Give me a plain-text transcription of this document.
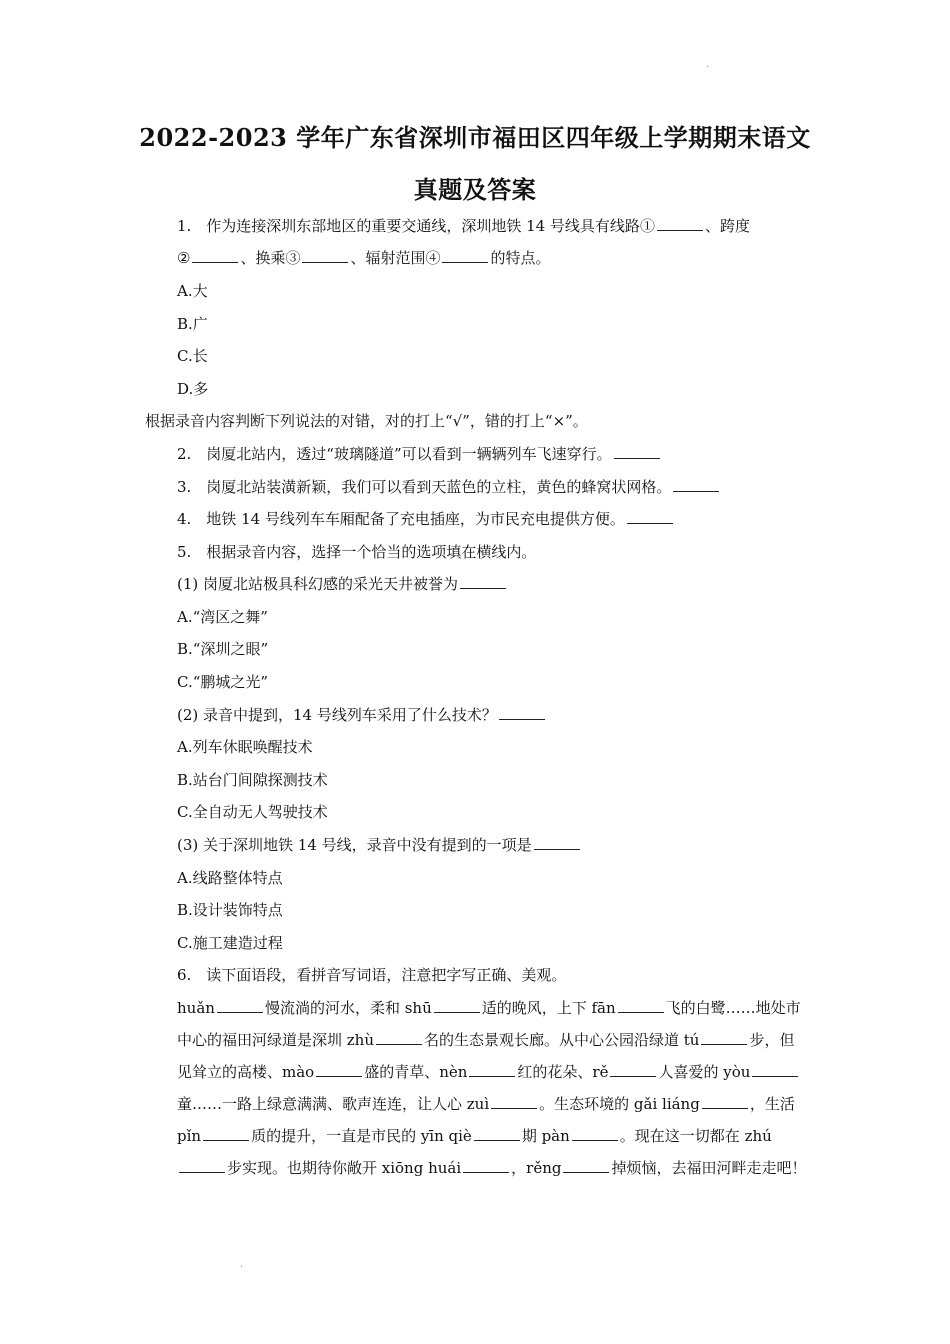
·
2022-2023 学年广东省深圳市福田区四年级上学期期末语文
真题及答案
1.　作为连接深圳东部地区的重要交通线，深圳地铁 14 号线具有线路①	、跨度
②	、换乘③	、辐射范围④	的特点。
A.大
B.广
C.长
D.多
根据录音内容判断下列说法的对错，对的打上“√”，错的打上“×”。
2.　岗厦北站内，透过“玻璃隧道”可以看到一辆辆列车飞速穿行。
3.　岗厦北站装潢新颖，我们可以看到天蓝色的立柱，黄色的蜂窝状网格。
4.　地铁 14 号线列车车厢配备了充电插座，为市民充电提供方便。
5.　根据录音内容，选择一个恰当的选项填在横线内。
(1) 岗厦北站极具科幻感的采光天井被誉为
A.“湾区之舞”
B.“深圳之眼”
C.“鹏城之光”
(2) 录音中提到，14 号线列车采用了什么技术？
A.列车休眠唤醒技术
B.站台门间隙探测技术
C.全自动无人驾驶技术
(3) 关于深圳地铁 14 号线，录音中没有提到的一项是
A.线路整体特点
B.设计装饰特点
C.施工建造过程
6.　读下面语段，看拼音写词语，注意把字写正确、美观。
huǎn	慢流淌的河水，柔和 shū	适的晚风，上下 fān	飞的白鹭……地处市中心的福田河绿道是深圳 zhù	名的生态景观长廊。从中心公园沿绿道 tú	步，但见耸立的高楼、mào	盛的青草、nèn	红的花朵、rě	人喜爱的 yòu童……一路上绿意满满、歌声连连，让人心 zuì	。生态环境的 gǎi liáng	，生活 pǐn	质的提升，一直是市民的 yīn qiè	期 pàn	。现在这一切都在 zhú步实现。也期待你敞开 xiōng huái	，rěng	掉烦恼，去福田河畔走走吧！
·
